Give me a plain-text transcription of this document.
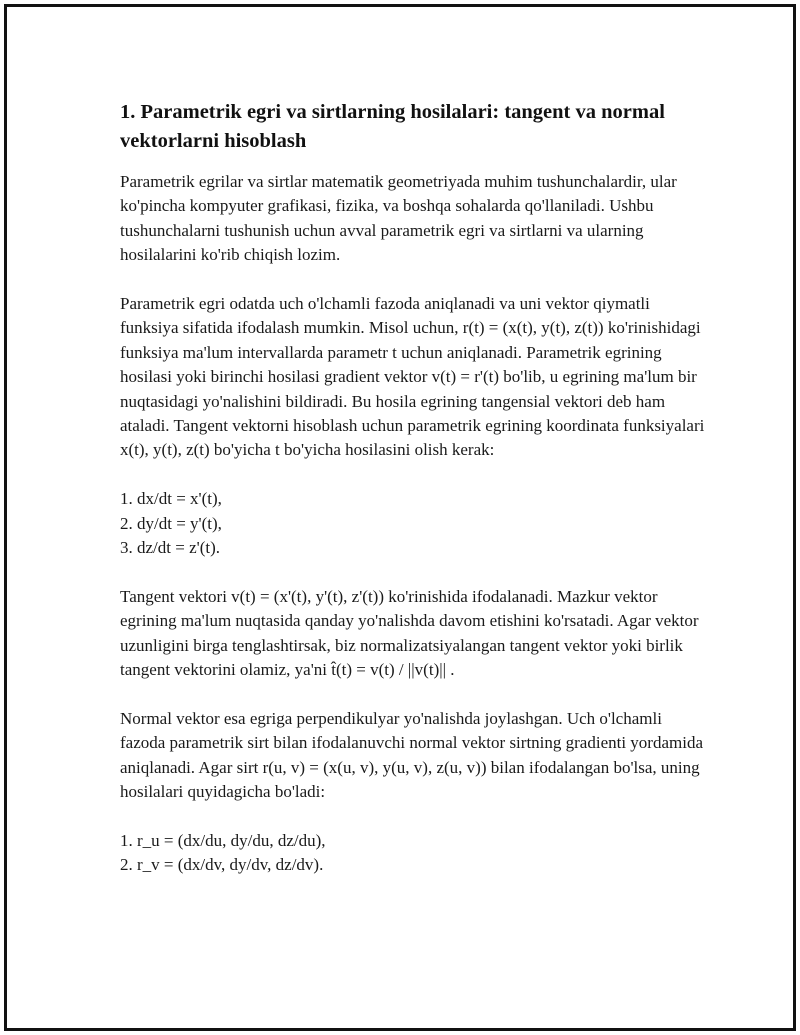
1. Parametrik egri va sirtlarning hosilalari: tangent va normal vektorlarni hisoblash

Parametrik egrilar va sirtlar matematik geometriyada muhim tushunchalardir, ular ko'pincha kompyuter grafikasi, fizika, va boshqa sohalarda qo'llaniladi. Ushbu tushunchalarni tushunish uchun avval parametrik egri va sirtlarni va ularning hosilalarini ko'rib chiqish lozim.

Parametrik egri odatda uch o'lchamli fazoda aniqlanadi va uni vektor qiymatli funksiya sifatida ifodalash mumkin. Misol uchun, r(t) = (x(t), y(t), z(t)) ko'rinishidagi funksiya ma'lum intervallarda parametr t uchun aniqlanadi. Parametrik egrining hosilasi yoki birinchi hosilasi gradient vektor v(t) = r'(t) bo'lib, u egrining ma'lum bir nuqtasidagi yo'nalishini bildiradi. Bu hosila egrining tangensial vektori deb ham ataladi. Tangent vektorni hisoblash uchun parametrik egrining koordinata funksiyalari x(t), y(t), z(t) bo'yicha t bo'yicha hosilasini olish kerak:

1. dx/dt = x'(t),
2. dy/dt = y'(t),
3. dz/dt = z'(t).

Tangent vektori v(t) = (x'(t), y'(t), z'(t)) ko'rinishida ifodalanadi. Mazkur vektor egrining ma'lum nuqtasida qanday yo'nalishda davom etishini ko'rsatadi. Agar vektor uzunligini birga tenglashtirsak, biz normalizatsiyalangan tangent vektor yoki birlik tangent vektorini olamiz, ya'ni t̂(t) = v(t) / ||v(t)|| .

Normal vektor esa egriga perpendikulyar yo'nalishda joylashgan. Uch o'lchamli fazoda parametrik sirt bilan ifodalanuvchi normal vektor sirtning gradienti yordamida aniqlanadi. Agar sirt r(u, v) = (x(u, v), y(u, v), z(u, v)) bilan ifodalangan bo'lsa, uning hosilalari quyidagicha bo'ladi:

1. r_u = (dx/du, dy/du, dz/du),
2. r_v = (dx/dv, dy/dv, dz/dv).
